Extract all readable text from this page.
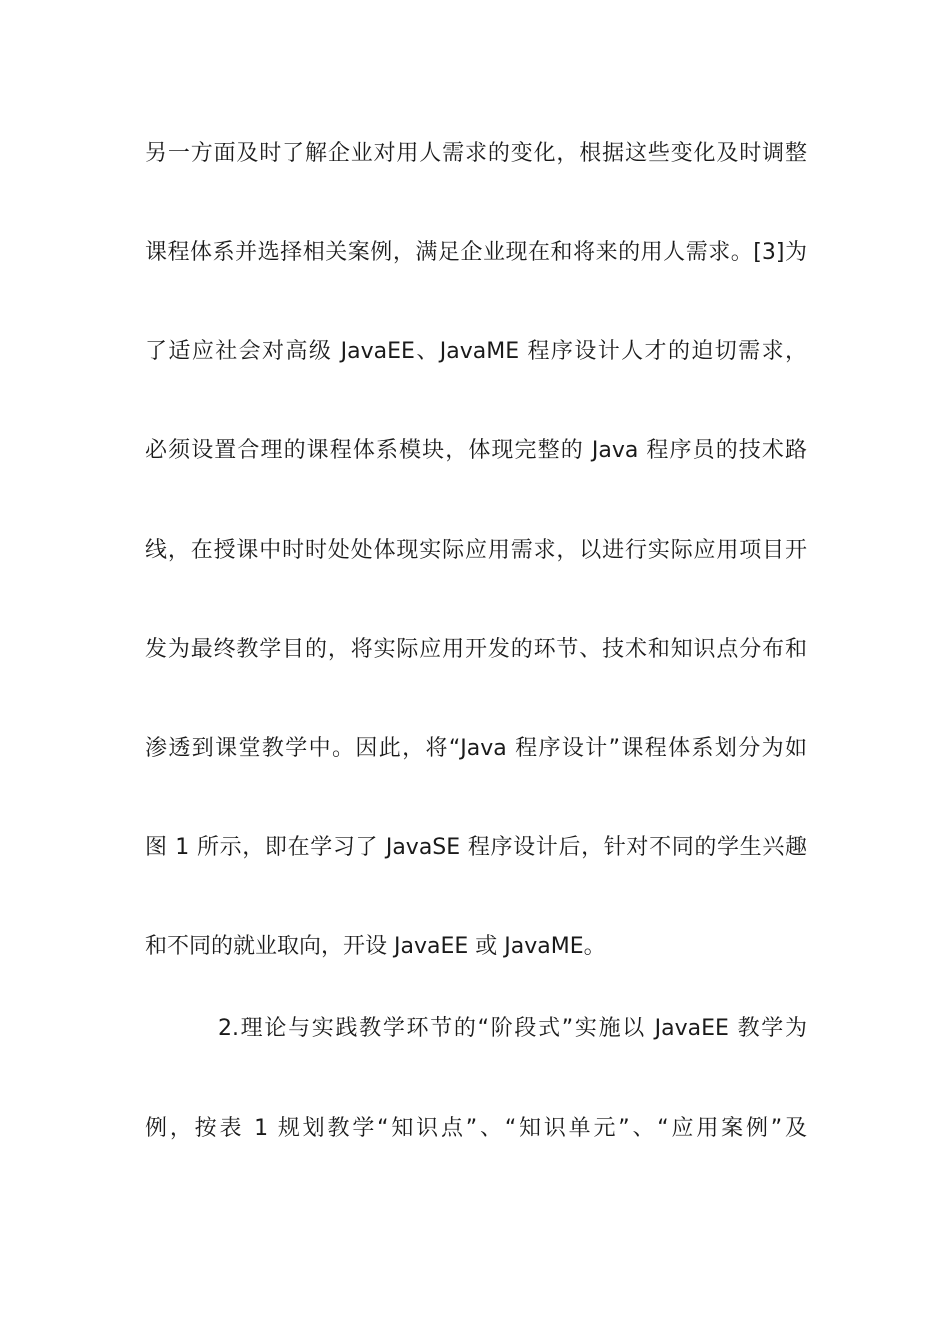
另一方面及时了解企业对用人需求的变化，根据这些变化及时调整
课程体系并选择相关案例，满足企业现在和将来的用人需求。[3]为
了适应社会对高级 JavaEE、JavaME 程序设计人才的迫切需求，
必须设置合理的课程体系模块，体现完整的 Java 程序员的技术路
线，在授课中时时处处体现实际应用需求，以进行实际应用项目开
发为最终教学目的，将实际应用开发的环节、技术和知识点分布和
渗透到课堂教学中。因此，将“Java 程序设计”课程体系划分为如
图 1 所示，即在学习了 JavaSE 程序设计后，针对不同的学生兴趣
和不同的就业取向，开设 JavaEE 或 JavaME。
2.理论与实践教学环节的“阶段式”实施以 JavaEE 教学为
例，按表 1 规划教学“知识点”、“知识单元”、“应用案例”及
